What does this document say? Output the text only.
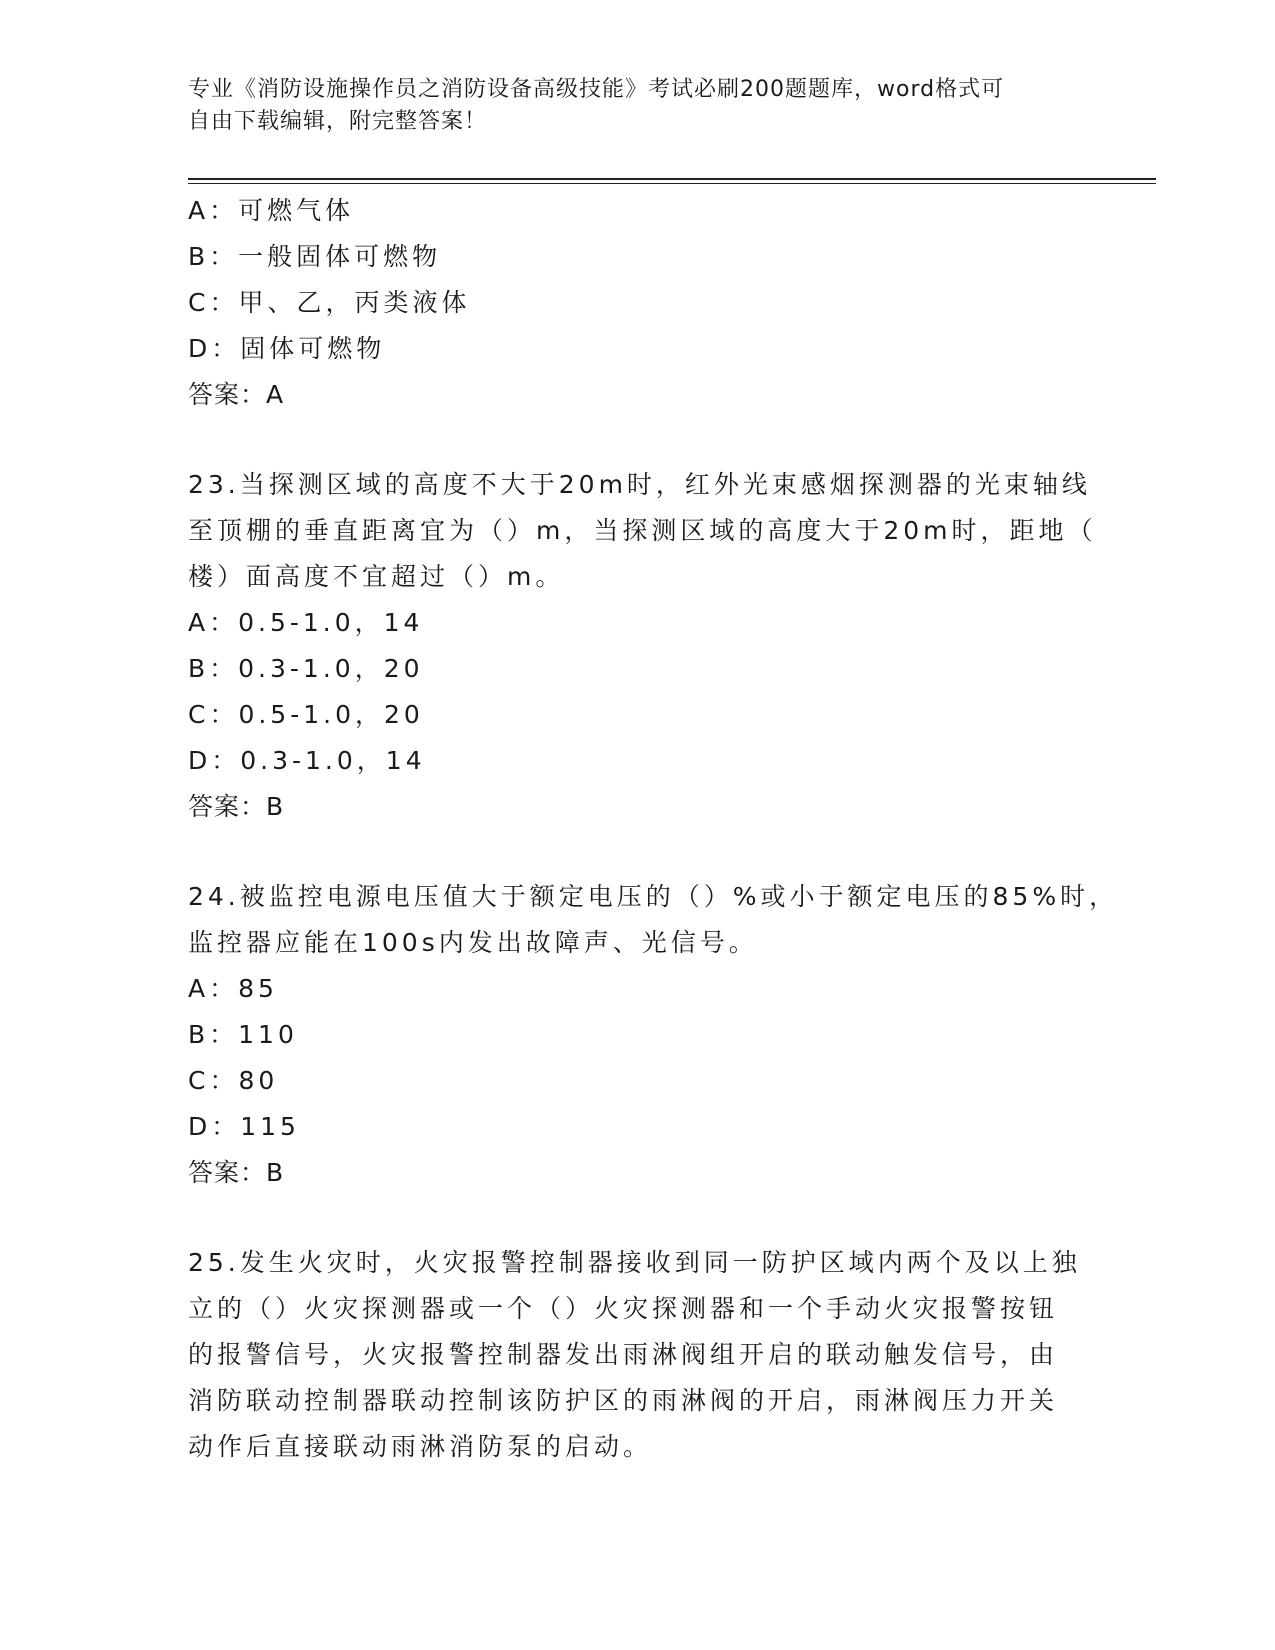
专业《消防设施操作员之消防设备高级技能》考试必刷200题题库，word格式可
自由下载编辑，附完整答案！
A：可燃气体
B：一般固体可燃物
C：甲、乙，丙类液体
D：固体可燃物
答案：A
23.当探测区域的高度不大于20m时，红外光束感烟探测器的光束轴线
至顶棚的垂直距离宜为（）m，当探测区域的高度大于20m时，距地（
楼）面高度不宜超过（）m。
A：0.5-1.0，14
B：0.3-1.0，20
C：0.5-1.0，20
D：0.3-1.0，14
答案：B
24.被监控电源电压值大于额定电压的（）%或小于额定电压的85%时，
监控器应能在100s内发出故障声、光信号。
A：85
B：110
C：80
D：115
答案：B
25.发生火灾时，火灾报警控制器接收到同一防护区域内两个及以上独
立的（）火灾探测器或一个（）火灾探测器和一个手动火灾报警按钮
的报警信号，火灾报警控制器发出雨淋阀组开启的联动触发信号，由
消防联动控制器联动控制该防护区的雨淋阀的开启，雨淋阀压力开关
动作后直接联动雨淋消防泵的启动。
